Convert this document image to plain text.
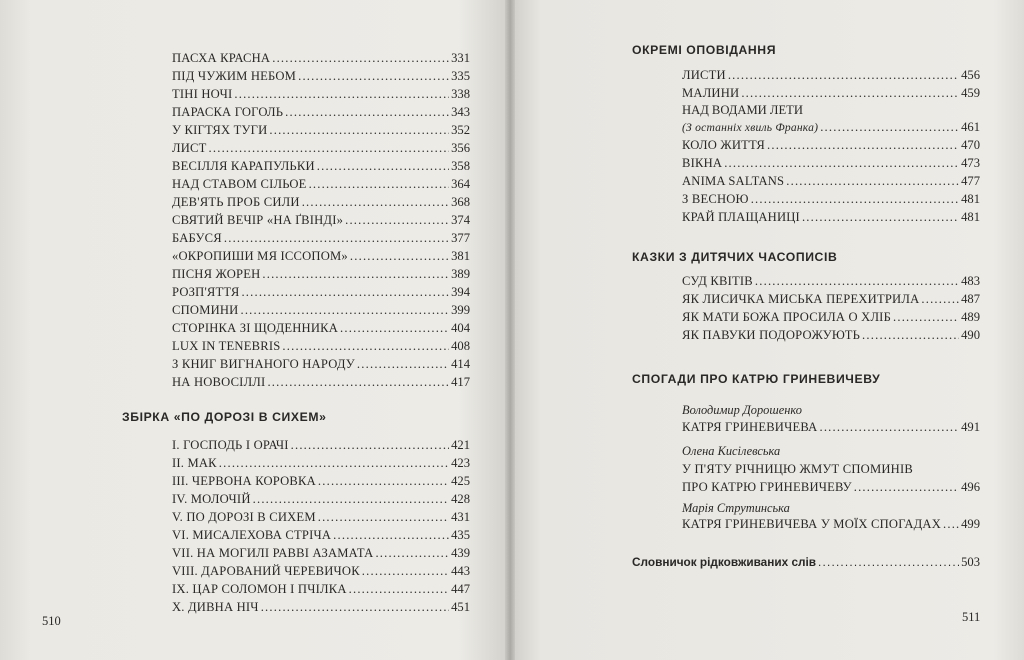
ПАСХА КРАСНА .....	331
ПІД ЧУЖИМ НЕБОМ .....	335
ТІНІ НОЧІ .....	338
ПАРАСКА ГОГОЛЬ .....	343
У КІГТЯХ ТУГИ .....	352
ЛИСТ .....	356
ВЕСІЛЛЯ КАРАПУЛЬКИ .....	358
НАД СТАВОМ СІЛЬОЕ .....	364
ДЕВ'ЯТЬ ПРОБ СИЛИ .....	368
СВЯТИЙ ВЕЧІР «НА ҐВІНДІ» .....	374
БАБУСЯ .....	377
«ОКРОПИШИ МЯ ІССОПОМ» .....	381
ПІСНЯ ЖОРЕН .....	389
РОЗП'ЯТТЯ .....	394
СПОМИНИ .....	399
СТОРІНКА ЗІ ЩОДЕННИКА .....	404
LUX IN TENEBRIS .....	408
З КНИГ ВИГНАНОГО НАРОДУ .....	414
НА НОВОСІЛЛІ .....	417
ЗБІРКА «ПО ДОРОЗІ В СИХЕМ»
I. ГОСПОДЬ І ОРАЧІ .....	421
II. МАК .....	423
III. ЧЕРВОНА КОРОВКА .....	425
IV. МОЛОЧІЙ .....	428
V. ПО ДОРОЗІ В СИХЕМ .....	431
VI. МИСАЛЕХОВА СТРІЧА .....	435
VII. НА МОГИЛІ РАВВІ АЗАМАТА .....	439
VIII. ДАРОВАНИЙ ЧЕРЕВИЧОК .....	443
IX. ЦАР СОЛОМОН І ПЧІЛКА .....	447
X. ДИВНА НІЧ .....	451
510
ОКРЕМІ ОПОВІДАННЯ
ЛИСТИ .....	456
МАЛИНИ .....	459
НАД ВОДАМИ ЛЕТИ
(З останніх хвиль Франка) .....	461
КОЛО ЖИТТЯ .....	470
ВІКНА .....	473
ANIMA SALTANS .....	477
З ВЕСНОЮ .....	481
КРАЙ ПЛАЩАНИЦІ .....	481
КАЗКИ З ДИТЯЧИХ ЧАСОПИСІВ
СУД КВІТІВ .....	483
ЯК ЛИСИЧКА МИСЬКА ПЕРЕХИТРИЛА .....	487
ЯК МАТИ БОЖА ПРОСИЛА О ХЛІБ .....	489
ЯК ПАВУКИ ПОДОРОЖУЮТЬ .....	490
СПОГАДИ ПРО КАТРЮ ГРИНЕВИЧЕВУ
Володимир Дорошенко
КАТРЯ ГРИНЕВИЧЕВА .....	491
Олена Кисілевська
У П'ЯТУ РІЧНИЦЮ ЖМУТ СПОМИНІВ
ПРО КАТРЮ ГРИНЕВИЧЕВУ .....	496
Марія Струтинська
КАТРЯ ГРИНЕВИЧЕВА У МОЇХ СПОГАДАХ ..... 499
Словничок рідковживаних слів .....	503
511
